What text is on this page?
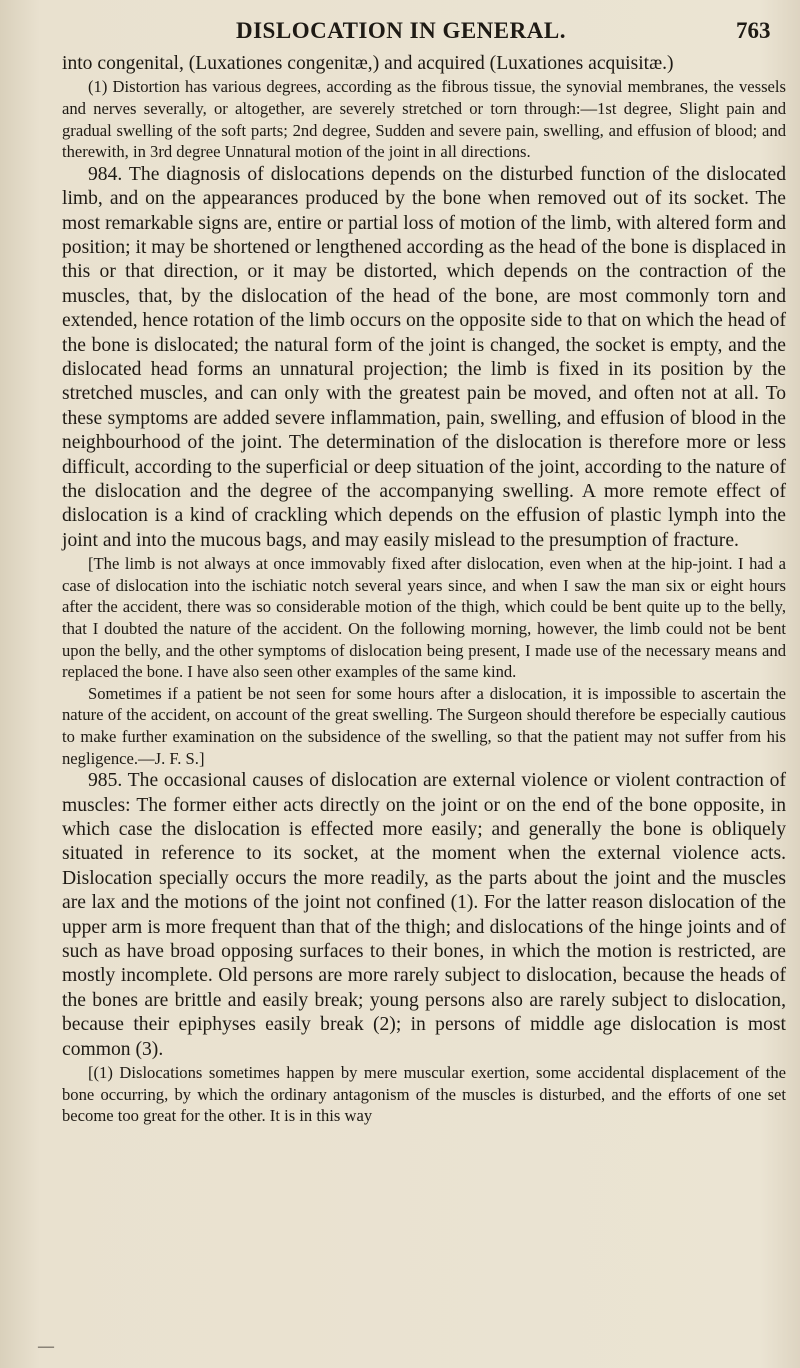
DISLOCATION IN GENERAL.	763

into congenital, (Luxationes congenitæ,) and acquired (Luxationes acquisitæ.)

(1) Distortion has various degrees, according as the fibrous tissue, the synovial membranes, the vessels and nerves severally, or altogether, are severely stretched or torn through:—1st degree, Slight pain and gradual swelling of the soft parts; 2nd degree, Sudden and severe pain, swelling, and effusion of blood; and therewith, in 3rd degree Unnatural motion of the joint in all directions.

984. The diagnosis of dislocations depends on the disturbed function of the dislocated limb, and on the appearances produced by the bone when removed out of its socket. The most remarkable signs are, entire or partial loss of motion of the limb, with altered form and position; it may be shortened or lengthened according as the head of the bone is displaced in this or that direction, or it may be distorted, which depends on the contraction of the muscles, that, by the dislocation of the head of the bone, are most commonly torn and extended, hence rotation of the limb occurs on the opposite side to that on which the head of the bone is dislocated; the natural form of the joint is changed, the socket is empty, and the dislocated head forms an unnatural projection; the limb is fixed in its position by the stretched muscles, and can only with the greatest pain be moved, and often not at all. To these symptoms are added severe inflammation, pain, swelling, and effusion of blood in the neighbourhood of the joint. The determination of the dislocation is therefore more or less difficult, according to the superficial or deep situation of the joint, according to the nature of the dislocation and the degree of the accompanying swelling. A more remote effect of dislocation is a kind of crackling which depends on the effusion of plastic lymph into the joint and into the mucous bags, and may easily mislead to the presumption of fracture.

[The limb is not always at once immovably fixed after dislocation, even when at the hip-joint. I had a case of dislocation into the ischiatic notch several years since, and when I saw the man six or eight hours after the accident, there was so considerable motion of the thigh, which could be bent quite up to the belly, that I doubted the nature of the accident. On the following morning, however, the limb could not be bent upon the belly, and the other symptoms of dislocation being present, I made use of the necessary means and replaced the bone. I have also seen other examples of the same kind.

Sometimes if a patient be not seen for some hours after a dislocation, it is impossible to ascertain the nature of the accident, on account of the great swelling. The Surgeon should therefore be especially cautious to make further examination on the subsidence of the swelling, so that the patient may not suffer from his negligence.—J. F. S.]

985. The occasional causes of dislocation are external violence or violent contraction of muscles: The former either acts directly on the joint or on the end of the bone opposite, in which case the dislocation is effected more easily; and generally the bone is obliquely situated in reference to its socket, at the moment when the external violence acts. Dislocation specially occurs the more readily, as the parts about the joint and the muscles are lax and the motions of the joint not confined (1). For the latter reason dislocation of the upper arm is more frequent than that of the thigh; and dislocations of the hinge joints and of such as have broad opposing surfaces to their bones, in which the motion is restricted, are mostly incomplete. Old persons are more rarely subject to dislocation, because the heads of the bones are brittle and easily break; young persons also are rarely subject to dislocation, because their epiphyses easily break (2); in persons of middle age dislocation is most common (3).

[(1) Dislocations sometimes happen by mere muscular exertion, some accidental displacement of the bone occurring, by which the ordinary antagonism of the muscles is disturbed, and the efforts of one set become too great for the other. It is in this way

—
